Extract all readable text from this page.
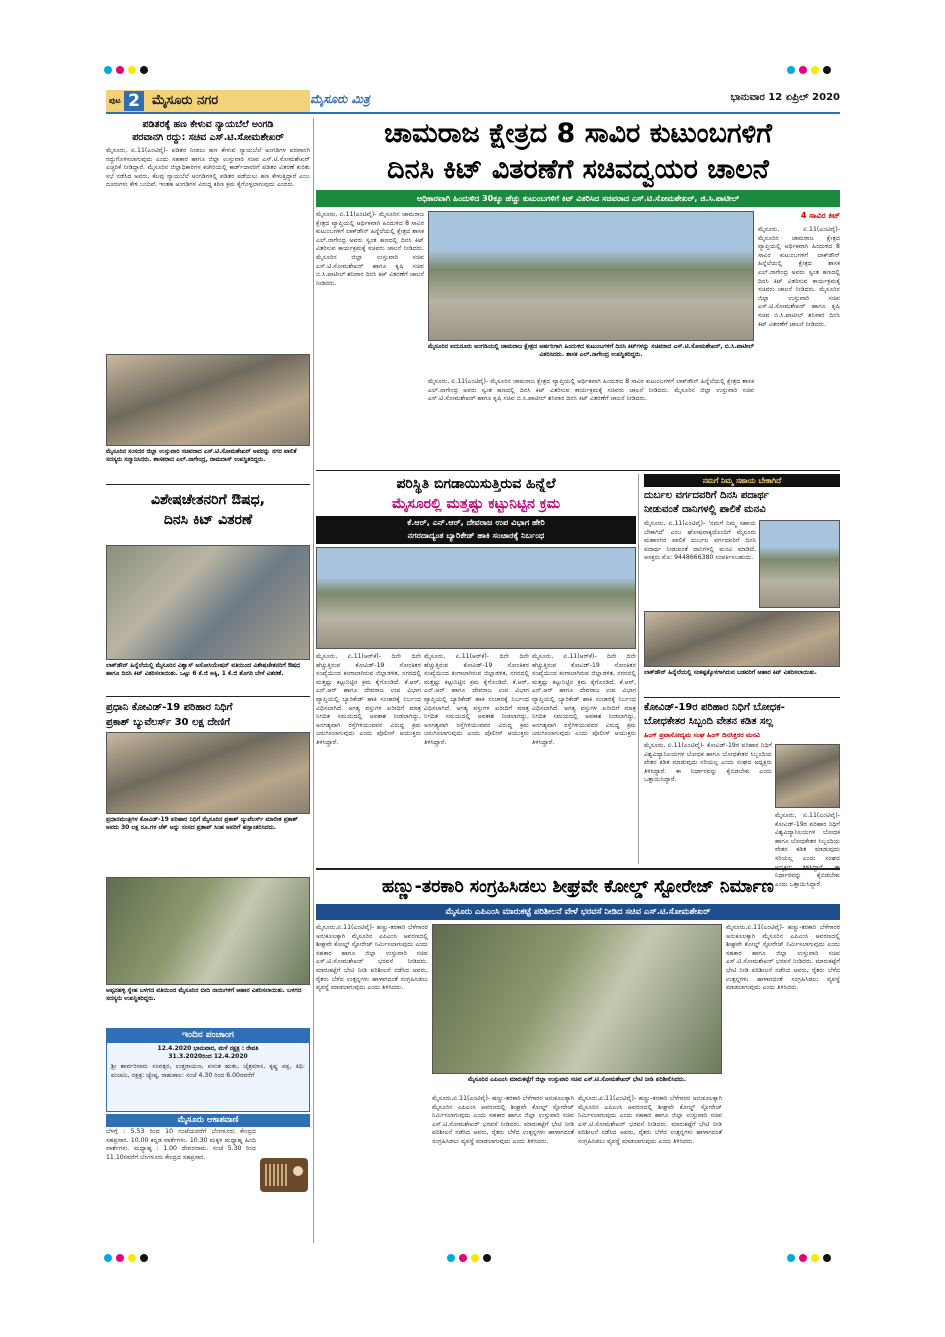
ಪುಟ 2 ಮೈಸೂರು ನಗರ	ಮೈಸೂರು ಮಿತ್ರ	ಭಾನುವಾರ 12 ಏಪ್ರಿಲ್ 2020
ಪಡಿತರಕ್ಕೆ ಹಣ ಕೇಳುವ ನ್ಯಾಯಬೆಲೆ ಅಂಗಡಿ
ಪರವಾನಗಿ ರದ್ದು: ಸಚಿವ ಎಸ್.ಟಿ.ಸೋಮಶೇಖರ್
ಮೈಸೂರು, ಏ.11(ಎಂಟಿವೈ)- ಪಡಿತರ ನೀಡಲು ಹಣ ಕೇಳುವ ನ್ಯಾಯಬೆಲೆ ಅಂಗಡಿಗಳ ಪರವಾನಗಿ ರದ್ದುಗೊಳಿಸಲಾಗುವುದು ಎಂದು ಸಹಕಾರ ಹಾಗೂ ಜಿಲ್ಲಾ ಉಸ್ತುವಾರಿ ಸಚಿವ ಎಸ್.ಟಿ.ಸೋಮಶೇಖರ್ ಎಚ್ಚರಿಕೆ ನೀಡಿದ್ದಾರೆ. ಮೈಸೂರಿನ ಜಿಲ್ಲಾಧಿಕಾರಿಗಳ ಕಚೇರಿಯಲ್ಲಿ ಕಾರ್ಡ್‌ದಾರರಿಗೆ ಪಡಿತರ ವಿತರಣೆ ಕುರಿತು ಸಭೆ ನಡೆಸಿದ ಅವರು, ಕೆಲವು ನ್ಯಾಯಬೆಲೆ ಅಂಗಡಿಗಳಲ್ಲಿ ಪಡಿತರ ಪಡೆಯಲು ಹಣ ಕೇಳುತ್ತಿದ್ದಾರೆ ಎಂಬ ದೂರುಗಳು ಕೇಳಿ ಬಂದಿವೆ. ಇಂತಹ ಅಂಗಡಿಗಳ ವಿರುದ್ಧ ಕಠಿಣ ಕ್ರಮ ಕೈಗೊಳ್ಳಲಾಗುವುದು ಎಂದರು.
ಮೈಸೂರಿನ ಸಂಸದರ ಜಿಲ್ಲಾ ಉಸ್ತುವಾರಿ ಸಚಿವರಾದ ಎಸ್.ಟಿ.ಸೋಮಶೇಖರ್ ಅವರನ್ನು ನಗರ ಪಾಲಿಕೆ ಸದಸ್ಯರು ಸನ್ಮಾನಿಸಿದರು. ಶಾಸಕರಾದ ಎಲ್.ನಾಗೇಂದ್ರ, ರಾಮದಾಸ್ ಉಪಸ್ಥಿತರಿದ್ದರು.
ವಿಶೇಷಚೇತನರಿಗೆ ಔಷಧ,
ದಿನಸಿ ಕಿಟ್ ವಿತರಣೆ
ಲಾಕ್‌ಡೌನ್ ಹಿನ್ನೆಲೆಯಲ್ಲಿ ಮೈಸೂರಿನ ವಿಶ್ವಾಸ್ ಅಸೋಸಿಯೇಷನ್ ವತಿಯಿಂದ ವಿಶೇಷಚೇತನರಿಗೆ ಔಷಧ ಹಾಗೂ ದಿನಸಿ ಕಿಟ್ ವಿತರಿಸಲಾಯಿತು. ಒಟ್ಟು 6 ಕೆ.ಜಿ ಅಕ್ಕಿ, 1 ಕೆ.ಜಿ ತೊಗರಿ ಬೇಳೆ ವಿತರಣೆ.
ಪ್ರಧಾನಿ ಕೋವಿಡ್-19 ಪರಿಹಾರ ನಿಧಿಗೆ
ಪ್ರಕಾಶ್ ಬ್ಯುವೆಲರ್ಸ್ 30 ಲಕ್ಷ ದೇಣಿಗೆ
ಪ್ರಧಾನಮಂತ್ರಿಗಳ ಕೋವಿಡ್-19 ಪರಿಹಾರ ನಿಧಿಗೆ ಮೈಸೂರಿನ ಪ್ರಕಾಶ್ ಜ್ಯುವೆಲರ್ಸ್ ಮಾಲೀಕ ಪ್ರಕಾಶ್ ಅವರು 30 ಲಕ್ಷ ರೂ.ಗಳ ಚೆಕ್ ಅನ್ನು ಸಂಸದ ಪ್ರತಾಪ್ ಸಿಂಹ ಅವರಿಗೆ ಹಸ್ತಾಂತರಿಸಿದರು.
ಅಪ್ಪನಹಳ್ಳಿ ಸ್ನೇಹ ಬಳಗದ ವತಿಯಿಂದ ಮೈಸೂರಿನ ಬೀದಿ ನಾಯಿಗಳಿಗೆ ಆಹಾರ ವಿತರಿಸಲಾಯಿತು. ಬಳಗದ ಸದಸ್ಯರು ಉಪಸ್ಥಿತರಿದ್ದರು.
ಇಂದಿನ ಪಂಚಾಂಗ
12.4.2020 ಭಾನುವಾರ, ಮಳೆ ನಕ್ಷತ್ರ : ರೇವತಿ
31.3.2020ರಿಂದ 12.4.2020
ಶ್ರೀ ಶಾರ್ವರಿನಾಮ ಸಂವತ್ಸರ, ಉತ್ತರಾಯಣ, ವಸಂತ ಋತು, ಚೈತ್ರಮಾಸ, ಕೃಷ್ಣ ಪಕ್ಷ, ತಿಥಿ: ಪಂಚಮಿ, ನಕ್ಷತ್ರ: ಜ್ಯೇಷ್ಠ, ರಾಹುಕಾಲ: ಸಂಜೆ 4.30 ರಿಂದ 6.00ರವರೆಗೆ
ಮೈಸೂರು ಆಕಾಶವಾಣಿ
ಬೆಳಗ್ಗೆ : 5.53 ರಿಂದ 10 ಗಂಟೆಯವರೆಗೆ ಬೆಂಗಳೂರು ಕೇಂದ್ರದ ಸಹಪ್ರಸಾರ. 10.00 ಕನ್ನಡ ವಾರ್ತೆಗಳು. 10.30 ಮಕ್ಕಳ ಮಧ್ಯಾಹ್ನ ಹಿಂದಿ ವಾರ್ತೆಗಳು. ಮಧ್ಯಾಹ್ನ : 1.00 ದೇವರನಾಮ. ಸಂಜೆ 5.30 ರಿಂದ 11.10ರವರೆಗೆ ಬೆಂಗಳೂರು ಕೇಂದ್ರದ ಸಹಪ್ರಸಾರ.
ಚಾಮರಾಜ ಕ್ಷೇತ್ರದ 8 ಸಾವಿರ ಕುಟುಂಬಗಳಿಗೆ
ದಿನಸಿ ಕಿಟ್ ವಿತರಣೆಗೆ ಸಚಿವದ್ವಯರ ಚಾಲನೆ
ಅಧಿಕಾರವಾಗಿ ಹಿಂದುಳಿದ 30ಕ್ಕೂ ಹೆಚ್ಚು ಕುಟುಂಬಗಳಿಗೆ ಕಿಟ್ ವಿತರಿಸಿದ ಸಚಿವರಾದ ಎಸ್.ಟಿ.ಸೋಮಶೇಖರ್, ಜಿ.ಸಿ.ಪಾಟೀಲ್
ಮೈಸೂರು, ಏ.11(ಎಂಟಿವೈ)- ಮೈಸೂರಿನ ಚಾಮರಾಜ ಕ್ಷೇತ್ರದ ವ್ಯಾಪ್ತಿಯಲ್ಲಿ ಆರ್ಥಿಕವಾಗಿ ಹಿಂದುಳಿದ 8 ಸಾವಿರ ಕುಟುಂಬಗಳಿಗೆ ಲಾಕ್‌ಡೌನ್ ಹಿನ್ನೆಲೆಯಲ್ಲಿ ಕ್ಷೇತ್ರದ ಶಾಸಕ ಎಲ್.ನಾಗೇಂದ್ರ ಅವರು ಸ್ವಂತ ಹಣದಲ್ಲಿ ದಿನಸಿ ಕಿಟ್ ವಿತರಿಸುವ ಕಾರ್ಯಕ್ರಮಕ್ಕೆ ಸಚಿವರು ಚಾಲನೆ ನೀಡಿದರು. ಮೈಸೂರಿನ ಜಿಲ್ಲಾ ಉಸ್ತುವಾರಿ ಸಚಿವ ಎಸ್.ಟಿ.ಸೋಮಶೇಖರ್ ಹಾಗೂ ಕೃಷಿ ಸಚಿವ ಬಿ.ಸಿ.ಪಾಟೀಲ್ ಶನಿವಾರ ದಿನಸಿ ಕಿಟ್ ವಿತರಣೆಗೆ ಚಾಲನೆ ನೀಡಿದರು.
ಮೈಸೂರಿನ ಐದುನೂರು ಅಂಗಡಿಯಲ್ಲಿ ಚಾಮರಾಜ ಕ್ಷೇತ್ರದ ಅರ್ಹರಿಗಾಗಿ ಹಿಂದುಳಿದ ಕುಟುಂಬಗಳಿಗೆ ದಿನಸಿ ಕಿಟ್‌ಗಳನ್ನು ಸಚಿವರಾದ ಎಸ್.ಟಿ.ಸೋಮಶೇಖರ್, ಬಿ.ಸಿ.ಪಾಟೀಲ್ ವಿತರಿಸಿದರು. ಶಾಸಕ ಎಲ್.ನಾಗೇಂದ್ರ ಉಪಸ್ಥಿತರಿದ್ದರು.
4 ಸಾವಿರ ಕಿಟ್
ಮೈಸೂರು, ಏ.11(ಎಂಟಿವೈ)- ಮೈಸೂರಿನ ಚಾಮರಾಜ ಕ್ಷೇತ್ರದ ವ್ಯಾಪ್ತಿಯಲ್ಲಿ ಆರ್ಥಿಕವಾಗಿ ಹಿಂದುಳಿದ 8 ಸಾವಿರ ಕುಟುಂಬಗಳಿಗೆ ಲಾಕ್‌ಡೌನ್ ಹಿನ್ನೆಲೆಯಲ್ಲಿ ಕ್ಷೇತ್ರದ ಶಾಸಕ ಎಲ್.ನಾಗೇಂದ್ರ ಅವರು ಸ್ವಂತ ಹಣದಲ್ಲಿ ದಿನಸಿ ಕಿಟ್ ವಿತರಿಸುವ ಕಾರ್ಯಕ್ರಮಕ್ಕೆ ಸಚಿವರು ಚಾಲನೆ ನೀಡಿದರು. ಮೈಸೂರಿನ ಜಿಲ್ಲಾ ಉಸ್ತುವಾರಿ ಸಚಿವ ಎಸ್.ಟಿ.ಸೋಮಶೇಖರ್ ಹಾಗೂ ಕೃಷಿ ಸಚಿವ ಬಿ.ಸಿ.ಪಾಟೀಲ್ ಶನಿವಾರ ದಿನಸಿ ಕಿಟ್ ವಿತರಣೆಗೆ ಚಾಲನೆ ನೀಡಿದರು.
ಮೈಸೂರು, ಏ.11(ಎಂಟಿವೈ)- ಮೈಸೂರಿನ ಚಾಮರಾಜ ಕ್ಷೇತ್ರದ ವ್ಯಾಪ್ತಿಯಲ್ಲಿ ಆರ್ಥಿಕವಾಗಿ ಹಿಂದುಳಿದ 8 ಸಾವಿರ ಕುಟುಂಬಗಳಿಗೆ ಲಾಕ್‌ಡೌನ್ ಹಿನ್ನೆಲೆಯಲ್ಲಿ ಕ್ಷೇತ್ರದ ಶಾಸಕ ಎಲ್.ನಾಗೇಂದ್ರ ಅವರು ಸ್ವಂತ ಹಣದಲ್ಲಿ ದಿನಸಿ ಕಿಟ್ ವಿತರಿಸುವ ಕಾರ್ಯಕ್ರಮಕ್ಕೆ ಸಚಿವರು ಚಾಲನೆ ನೀಡಿದರು. ಮೈಸೂರಿನ ಜಿಲ್ಲಾ ಉಸ್ತುವಾರಿ ಸಚಿವ ಎಸ್.ಟಿ.ಸೋಮಶೇಖರ್ ಹಾಗೂ ಕೃಷಿ ಸಚಿವ ಬಿ.ಸಿ.ಪಾಟೀಲ್ ಶನಿವಾರ ದಿನಸಿ ಕಿಟ್ ವಿತರಣೆಗೆ ಚಾಲನೆ ನೀಡಿದರು.
ಪರಿಸ್ಥಿತಿ ಬಿಗಡಾಯಿಸುತ್ತಿರುವ ಹಿನ್ನೆಲೆ
ಮೈಸೂರಲ್ಲಿ ಮತ್ತಷ್ಟು ಕಟ್ಟುನಿಟ್ಟಿನ ಕ್ರಮ
ಕೆ.ಆರ್, ಎನ್.ಆರ್, ದೇವರಾಜ ಉಪ ವಿಭಾಗ ಹೇರಿ
ನಗರದಾದ್ಯಂತ ಬ್ಯಾರಿಕೇಡ್ ಹಾಕಿ ಸಂಚಾರಕ್ಕೆ ನಿರ್ಬಂಧ
ಮೈಸೂರು, ಏ.11(ಆರ್‌ಕೆ)- ದಿನೇ ದಿನೇ ಹೆಚ್ಚುತ್ತಿರುವ ಕೋವಿಡ್-19 ಸೋಂಕಿತರ ಸಂಖ್ಯೆಯಿಂದ ಕಂಗಾಲಾಗಿರುವ ಜಿಲ್ಲಾಡಳಿತ, ನಗರದಲ್ಲಿ ಮತ್ತಷ್ಟು ಕಟ್ಟುನಿಟ್ಟಿನ ಕ್ರಮ ಕೈಗೊಂಡಿದೆ. ಕೆ.ಆರ್, ಎನ್.ಆರ್ ಹಾಗೂ ದೇವರಾಜ ಉಪ ವಿಭಾಗ ವ್ಯಾಪ್ತಿಯಲ್ಲಿ ಬ್ಯಾರಿಕೇಡ್ ಹಾಕಿ ಸಂಚಾರಕ್ಕೆ ನಿರ್ಬಂಧ ವಿಧಿಸಲಾಗಿದೆ. ಅಗತ್ಯ ವಸ್ತುಗಳ ಖರೀದಿಗೆ ಮಾತ್ರ ನಿಗದಿತ ಸಮಯದಲ್ಲಿ ಅವಕಾಶ ನೀಡಲಾಗಿದ್ದು, ಅನಗತ್ಯವಾಗಿ ರಸ್ತೆಗಿಳಿಯುವವರ ವಿರುದ್ಧ ಕ್ರಮ ಜರುಗಿಸಲಾಗುವುದು ಎಂದು ಪೊಲೀಸ್ ಆಯುಕ್ತರು ತಿಳಿಸಿದ್ದಾರೆ.
ಮೈಸೂರು, ಏ.11(ಆರ್‌ಕೆ)- ದಿನೇ ದಿನೇ ಹೆಚ್ಚುತ್ತಿರುವ ಕೋವಿಡ್-19 ಸೋಂಕಿತರ ಸಂಖ್ಯೆಯಿಂದ ಕಂಗಾಲಾಗಿರುವ ಜಿಲ್ಲಾಡಳಿತ, ನಗರದಲ್ಲಿ ಮತ್ತಷ್ಟು ಕಟ್ಟುನಿಟ್ಟಿನ ಕ್ರಮ ಕೈಗೊಂಡಿದೆ. ಕೆ.ಆರ್, ಎನ್.ಆರ್ ಹಾಗೂ ದೇವರಾಜ ಉಪ ವಿಭಾಗ ವ್ಯಾಪ್ತಿಯಲ್ಲಿ ಬ್ಯಾರಿಕೇಡ್ ಹಾಕಿ ಸಂಚಾರಕ್ಕೆ ನಿರ್ಬಂಧ ವಿಧಿಸಲಾಗಿದೆ. ಅಗತ್ಯ ವಸ್ತುಗಳ ಖರೀದಿಗೆ ಮಾತ್ರ ನಿಗದಿತ ಸಮಯದಲ್ಲಿ ಅವಕಾಶ ನೀಡಲಾಗಿದ್ದು, ಅನಗತ್ಯವಾಗಿ ರಸ್ತೆಗಿಳಿಯುವವರ ವಿರುದ್ಧ ಕ್ರಮ ಜರುಗಿಸಲಾಗುವುದು ಎಂದು ಪೊಲೀಸ್ ಆಯುಕ್ತರು ತಿಳಿಸಿದ್ದಾರೆ.
ಮೈಸೂರು, ಏ.11(ಆರ್‌ಕೆ)- ದಿನೇ ದಿನೇ ಹೆಚ್ಚುತ್ತಿರುವ ಕೋವಿಡ್-19 ಸೋಂಕಿತರ ಸಂಖ್ಯೆಯಿಂದ ಕಂಗಾಲಾಗಿರುವ ಜಿಲ್ಲಾಡಳಿತ, ನಗರದಲ್ಲಿ ಮತ್ತಷ್ಟು ಕಟ್ಟುನಿಟ್ಟಿನ ಕ್ರಮ ಕೈಗೊಂಡಿದೆ. ಕೆ.ಆರ್, ಎನ್.ಆರ್ ಹಾಗೂ ದೇವರಾಜ ಉಪ ವಿಭಾಗ ವ್ಯಾಪ್ತಿಯಲ್ಲಿ ಬ್ಯಾರಿಕೇಡ್ ಹಾಕಿ ಸಂಚಾರಕ್ಕೆ ನಿರ್ಬಂಧ ವಿಧಿಸಲಾಗಿದೆ. ಅಗತ್ಯ ವಸ್ತುಗಳ ಖರೀದಿಗೆ ಮಾತ್ರ ನಿಗದಿತ ಸಮಯದಲ್ಲಿ ಅವಕಾಶ ನೀಡಲಾಗಿದ್ದು, ಅನಗತ್ಯವಾಗಿ ರಸ್ತೆಗಿಳಿಯುವವರ ವಿರುದ್ಧ ಕ್ರಮ ಜರುಗಿಸಲಾಗುವುದು ಎಂದು ಪೊಲೀಸ್ ಆಯುಕ್ತರು ತಿಳಿಸಿದ್ದಾರೆ.
ನಮಗೆ ನಿಮ್ಮ ಸಹಾಯ ಬೇಕಾಗಿದೆ
ದುರ್ಬಲ ವರ್ಗದವರಿಗೆ ದಿನಸಿ ಪದಾರ್ಥ
ನೀಡುವಂತೆ ದಾನಿಗಳಲ್ಲಿ ಪಾಲಿಕೆ ಮನವಿ
ಮೈಸೂರು, ಏ.11(ಎಂಟಿವೈ)- 'ನಮಗೆ ನಿಮ್ಮ ಸಹಾಯ ಬೇಕಾಗಿದೆ' ಎಂಬ ಘೋಷವಾಕ್ಯದೊಂದಿಗೆ ಮೈಸೂರು ಮಹಾನಗರ ಪಾಲಿಕೆ ದುರ್ಬಲ ವರ್ಗದವರಿಗೆ ದಿನಸಿ ಪದಾರ್ಥ ನೀಡುವಂತೆ ದಾನಿಗಳಲ್ಲಿ ಮನವಿ ಮಾಡಿದೆ. ಆಸಕ್ತರು ಮೊ: 9448666380 ಸಂಪರ್ಕಿಸಬಹುದು.
ಲಾಕ್‌ಡೌನ್ ಹಿನ್ನೆಲೆಯಲ್ಲಿ ಸಂಕಷ್ಟಕ್ಕೊಳಗಾಗಿರುವ ಬಡವರಿಗೆ ಆಹಾರ ಕಿಟ್ ವಿತರಿಸಲಾಯಿತು.
ಕೋವಿಡ್-19ರ ಪರಿಹಾರ ನಿಧಿಗೆ ಬೋಧಕ-
ಬೋಧಕೇತರ ಸಿಬ್ಬಂದಿ ವೇತನ ಕಡಿತ ಸಲ್ಲ
ಹಿಂಗ್ ಪ್ರವಾಸೋದ್ಯಮ ಸಂಘ ಹಿಂಗ್ ದಿನಸಿಕ್ತರರ ಮನವಿ
ಮೈಸೂರು, ಏ.11(ಎಂಟಿವೈ)- ಕೋವಿಡ್-19ರ ಪರಿಹಾರ ನಿಧಿಗೆ ವಿಶ್ವವಿದ್ಯಾನಿಲಯಗಳ ಬೋಧಕ ಹಾಗೂ ಬೋಧಕೇತರ ಸಿಬ್ಬಂದಿಯ ವೇತನ ಕಡಿತ ಮಾಡುವುದು ಸರಿಯಲ್ಲ ಎಂದು ಸಂಘದ ಅಧ್ಯಕ್ಷರು ತಿಳಿಸಿದ್ದಾರೆ. ಈ ನಿರ್ಧಾರವನ್ನು ಕೈಬಿಡಬೇಕು ಎಂದು ಒತ್ತಾಯಿಸಿದ್ದಾರೆ.
ಮೈಸೂರು, ಏ.11(ಎಂಟಿವೈ)- ಕೋವಿಡ್-19ರ ಪರಿಹಾರ ನಿಧಿಗೆ ವಿಶ್ವವಿದ್ಯಾನಿಲಯಗಳ ಬೋಧಕ ಹಾಗೂ ಬೋಧಕೇತರ ಸಿಬ್ಬಂದಿಯ ವೇತನ ಕಡಿತ ಮಾಡುವುದು ಸರಿಯಲ್ಲ ಎಂದು ಸಂಘದ ನಿರ್ಧಾರವನ್ನು ಕೈಬಿಡಬೇಕು ಎಂದು ಒತ್ತಾಯಿಸಿದ್ದಾರೆ.
ಹಣ್ಣು-ತರಕಾರಿ ಸಂಗ್ರಹಿಸಿಡಲು ಶೀಘ್ರವೇ ಕೋಲ್ಡ್ ಸ್ಟೋರೇಜ್ ನಿರ್ಮಾಣ
ಮೈಸೂರು ಎಪಿಎಂಸಿ ಮಾರುಕಟ್ಟೆ ಪರಿಶೀಲನೆ ವೇಳೆ ಭರವಸೆ ನೀಡಿದ ಸಚಿವ ಎಸ್.ಟಿ.ಸೋಮಶೇಖರ್
ಮೈಸೂರು,ಏ.11(ಎಂಟಿವೈ)- ಹಣ್ಣು-ತರಕಾರಿ ಬೆಳೆಗಾರರ ಅನುಕೂಲಕ್ಕಾಗಿ ಮೈಸೂರಿನ ಎಪಿಎಂಸಿ ಆವರಣದಲ್ಲಿ ಶೀಘ್ರವೇ ಕೋಲ್ಡ್ ಸ್ಟೋರೇಜ್ ನಿರ್ಮಿಸಲಾಗುವುದು ಎಂದು ಸಹಕಾರ ಹಾಗೂ ಜಿಲ್ಲಾ ಉಸ್ತುವಾರಿ ಸಚಿವ ಎಸ್.ಟಿ.ಸೋಮಶೇಖರ್ ಭರವಸೆ ನೀಡಿದರು. ಮಾರುಕಟ್ಟೆಗೆ ಭೇಟಿ ನೀಡಿ ಪರಿಶೀಲನೆ ನಡೆಸಿದ ಅವರು, ರೈತರು ಬೆಳೆದ ಉತ್ಪನ್ನಗಳು ಹಾಳಾಗದಂತೆ ಸಂಗ್ರಹಿಸಿಡಲು ವ್ಯವಸ್ಥೆ ಮಾಡಲಾಗುವುದು ಎಂದು ತಿಳಿಸಿದರು.
ಮೈಸೂರಿನ ಎಪಿಎಂಸಿ ಮಾರುಕಟ್ಟೆಗೆ ಜಿಲ್ಲಾ ಉಸ್ತುವಾರಿ ಸಚಿವ ಎಸ್.ಟಿ.ಸೋಮಶೇಖರ್ ಭೇಟಿ ನೀಡಿ ಪರಿಶೀಲಿಸಿದರು.
ಮೈಸೂರು,ಏ.11(ಎಂಟಿವೈ)- ಹಣ್ಣು-ತರಕಾರಿ ಬೆಳೆಗಾರರ ಅನುಕೂಲಕ್ಕಾಗಿ ಮೈಸೂರಿನ ಎಪಿಎಂಸಿ ಆವರಣದಲ್ಲಿ ಶೀಘ್ರವೇ ಕೋಲ್ಡ್ ಸ್ಟೋರೇಜ್ ನಿರ್ಮಿಸಲಾಗುವುದು ಎಂದು ಸಹಕಾರ ಹಾಗೂ ಜಿಲ್ಲಾ ಉಸ್ತುವಾರಿ ಸಚಿವ ಎಸ್.ಟಿ.ಸೋಮಶೇಖರ್ ಭರವಸೆ ನೀಡಿದರು. ಮಾರುಕಟ್ಟೆಗೆ ಭೇಟಿ ನೀಡಿ ಪರಿಶೀಲನೆ ನಡೆಸಿದ ಅವರು, ರೈತರು ಬೆಳೆದ ಉತ್ಪನ್ನಗಳು ಹಾಳಾಗದಂತೆ ಸಂಗ್ರಹಿಸಿಡಲು ವ್ಯವಸ್ಥೆ ಮಾಡಲಾಗುವುದು ಎಂದು ತಿಳಿಸಿದರು.
ಮೈಸೂರು,ಏ.11(ಎಂಟಿವೈ)- ಹಣ್ಣು-ತರಕಾರಿ ಬೆಳೆಗಾರರ ಅನುಕೂಲಕ್ಕಾಗಿ ಮೈಸೂರಿನ ಎಪಿಎಂಸಿ ಆವರಣದಲ್ಲಿ ಶೀಘ್ರವೇ ಕೋಲ್ಡ್ ಸ್ಟೋರೇಜ್ ನಿರ್ಮಿಸಲಾಗುವುದು ಎಂದು ಸಹಕಾರ ಹಾಗೂ ಜಿಲ್ಲಾ ಉಸ್ತುವಾರಿ ಸಚಿವ ಎಸ್.ಟಿ.ಸೋಮಶೇಖರ್ ಭರವಸೆ ನೀಡಿದರು. ಮಾರುಕಟ್ಟೆಗೆ ಭೇಟಿ ನೀಡಿ ಪರಿಶೀಲನೆ ನಡೆಸಿದ ಅವರು, ರೈತರು ಬೆಳೆದ ಉತ್ಪನ್ನಗಳು ಹಾಳಾಗದಂತೆ ಸಂಗ್ರಹಿಸಿಡಲು ವ್ಯವಸ್ಥೆ ಮಾಡಲಾಗುವುದು ಎಂದು ತಿಳಿಸಿದರು.
ಮೈಸೂರು,ಏ.11(ಎಂಟಿವೈ)- ಹಣ್ಣು-ತರಕಾರಿ ಬೆಳೆಗಾರರ ಅನುಕೂಲಕ್ಕಾಗಿ ಮೈಸೂರಿನ ಎಪಿಎಂಸಿ ಆವರಣದಲ್ಲಿ ಶೀಘ್ರವೇ ಕೋಲ್ಡ್ ಸ್ಟೋರೇಜ್ ನಿರ್ಮಿಸಲಾಗುವುದು ಎಂದು ಸಹಕಾರ ಹಾಗೂ ಜಿಲ್ಲಾ ಉಸ್ತುವಾರಿ ಸಚಿವ ಎಸ್.ಟಿ.ಸೋಮಶೇಖರ್ ಭರವಸೆ ನೀಡಿದರು. ಮಾರುಕಟ್ಟೆಗೆ ಭೇಟಿ ನೀಡಿ ಪರಿಶೀಲನೆ ನಡೆಸಿದ ಅವರು, ರೈತರು ಬೆಳೆದ ಉತ್ಪನ್ನಗಳು ಹಾಳಾಗದಂತೆ ಸಂಗ್ರಹಿಸಿಡಲು ವ್ಯವಸ್ಥೆ ಮಾಡಲಾಗುವುದು ಎಂದು ತಿಳಿಸಿದರು.
